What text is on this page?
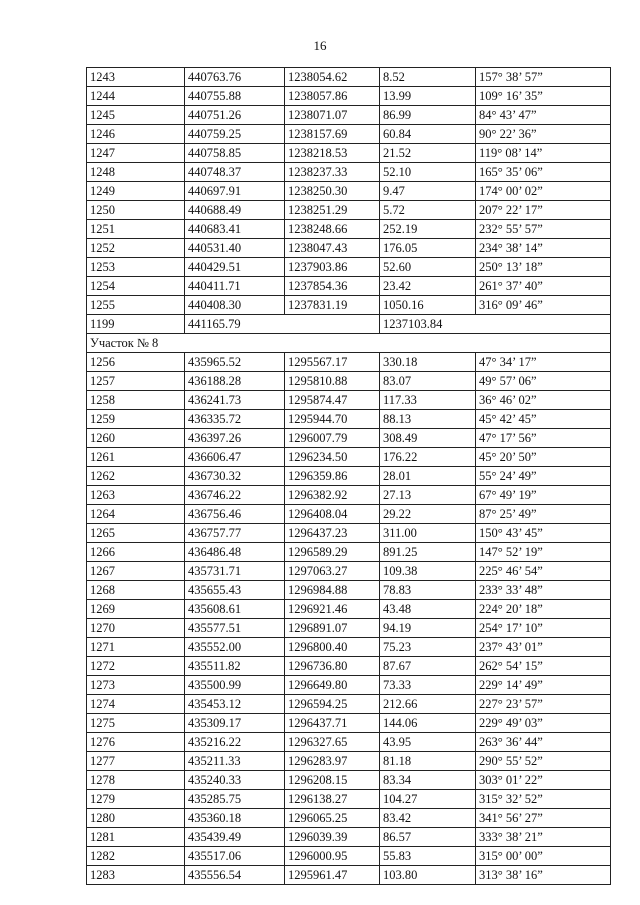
16
1243	440763.76	1238054.62	8.52	157° 38’ 57”
1244	440755.88	1238057.86	13.99	109° 16’ 35”
1245	440751.26	1238071.07	86.99	84° 43’ 47”
1246	440759.25	1238157.69	60.84	90° 22’ 36”
1247	440758.85	1238218.53	21.52	119° 08’ 14”
1248	440748.37	1238237.33	52.10	165° 35’ 06”
1249	440697.91	1238250.30	9.47	174° 00’ 02”
1250	440688.49	1238251.29	5.72	207° 22’ 17”
1251	440683.41	1238248.66	252.19	232° 55’ 57”
1252	440531.40	1238047.43	176.05	234° 38’ 14”
1253	440429.51	1237903.86	52.60	250° 13’ 18”
1254	440411.71	1237854.36	23.42	261° 37’ 40”
1255	440408.30	1237831.19	1050.16	316° 09’ 46”
1199	441165.79		1237103.84	
Участок № 8				
1256	435965.52	1295567.17	330.18	47° 34’ 17”
1257	436188.28	1295810.88	83.07	49° 57’ 06”
1258	436241.73	1295874.47	117.33	36° 46’ 02”
1259	436335.72	1295944.70	88.13	45° 42’ 45”
1260	436397.26	1296007.79	308.49	47° 17’ 56”
1261	436606.47	1296234.50	176.22	45° 20’ 50”
1262	436730.32	1296359.86	28.01	55° 24’ 49”
1263	436746.22	1296382.92	27.13	67° 49’ 19”
1264	436756.46	1296408.04	29.22	87° 25’ 49”
1265	436757.77	1296437.23	311.00	150° 43’ 45”
1266	436486.48	1296589.29	891.25	147° 52’ 19”
1267	435731.71	1297063.27	109.38	225° 46’ 54”
1268	435655.43	1296984.88	78.83	233° 33’ 48”
1269	435608.61	1296921.46	43.48	224° 20’ 18”
1270	435577.51	1296891.07	94.19	254° 17’ 10”
1271	435552.00	1296800.40	75.23	237° 43’ 01”
1272	435511.82	1296736.80	87.67	262° 54’ 15”
1273	435500.99	1296649.80	73.33	229° 14’ 49”
1274	435453.12	1296594.25	212.66	227° 23’ 57”
1275	435309.17	1296437.71	144.06	229° 49’ 03”
1276	435216.22	1296327.65	43.95	263° 36’ 44”
1277	435211.33	1296283.97	81.18	290° 55’ 52”
1278	435240.33	1296208.15	83.34	303° 01’ 22”
1279	435285.75	1296138.27	104.27	315° 32’ 52”
1280	435360.18	1296065.25	83.42	341° 56’ 27”
1281	435439.49	1296039.39	86.57	333° 38’ 21”
1282	435517.06	1296000.95	55.83	315° 00’ 00”
1283	435556.54	1295961.47	103.80	313° 38’ 16”
